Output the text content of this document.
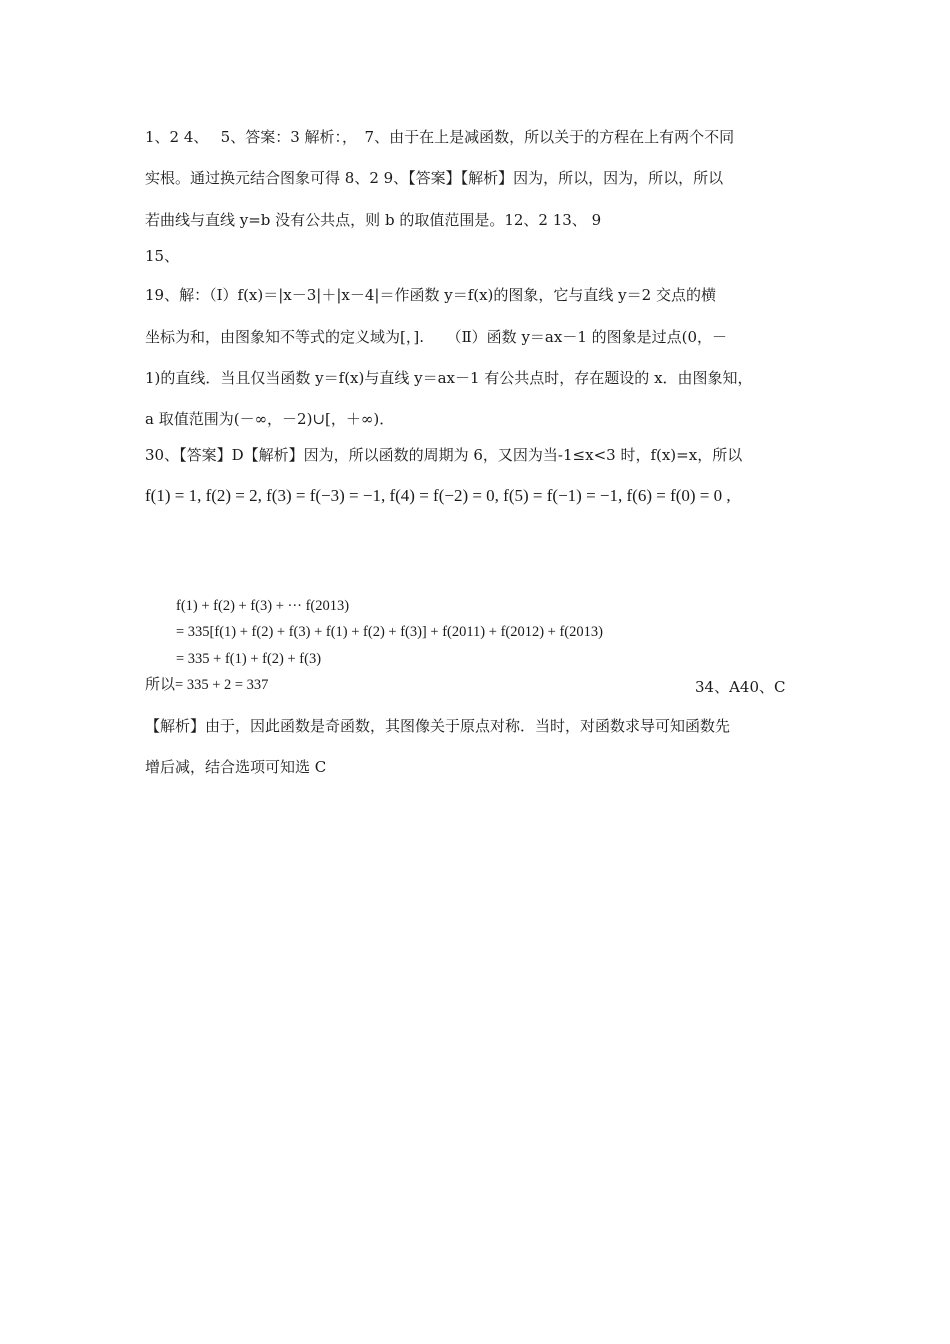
1、2 4、　 5、答案：3 解析：，　7、由于在上是减函数，所以关于的方程在上有两个不同
实根。通过换元结合图象可得 8、2 9、【答案】【解析】因为，所以，因为，所以，所以
若曲线与直线 y=b 没有公共点，则 b 的取值范围是。12、2 13、 9
15、
19、解：（Ⅰ）f(x)＝|x－3|＋|x－4|＝作函数 y＝f(x)的图象，它与直线 y＝2 交点的横
坐标为和，由图象知不等式的定义域为[，].　　（Ⅱ）函数 y＝ax－1 的图象是过点(0，－
1)的直线．当且仅当函数 y＝f(x)与直线 y＝ax－1 有公共点时，存在题设的 x．由图象知，
a 取值范围为(－∞，－2)∪[，＋∞)．
30、【答案】D【解析】因为，所以函数的周期为 6，又因为当-1≤x<3 时，f(x)=x，所以
f(1) = 1, f(2) = 2, f(3) = f(−3) = −1, f(4) = f(−2) = 0, f(5) = f(−1) = −1, f(6) = f(0) = 0 ,
f(1) + f(2) + f(3) + ··· f(2013)
= 335[f(1) + f(2) + f(3) + f(1) + f(2) + f(3)] + f(2011) + f(2012) + f(2013)
= 335 + f(1) + f(2) + f(3)
所以= 335 + 2 = 337	34、A40、C
【解析】由于，因此函数是奇函数，其图像关于原点对称．当时，对函数求导可知函数先
增后减，结合选项可知选 C
